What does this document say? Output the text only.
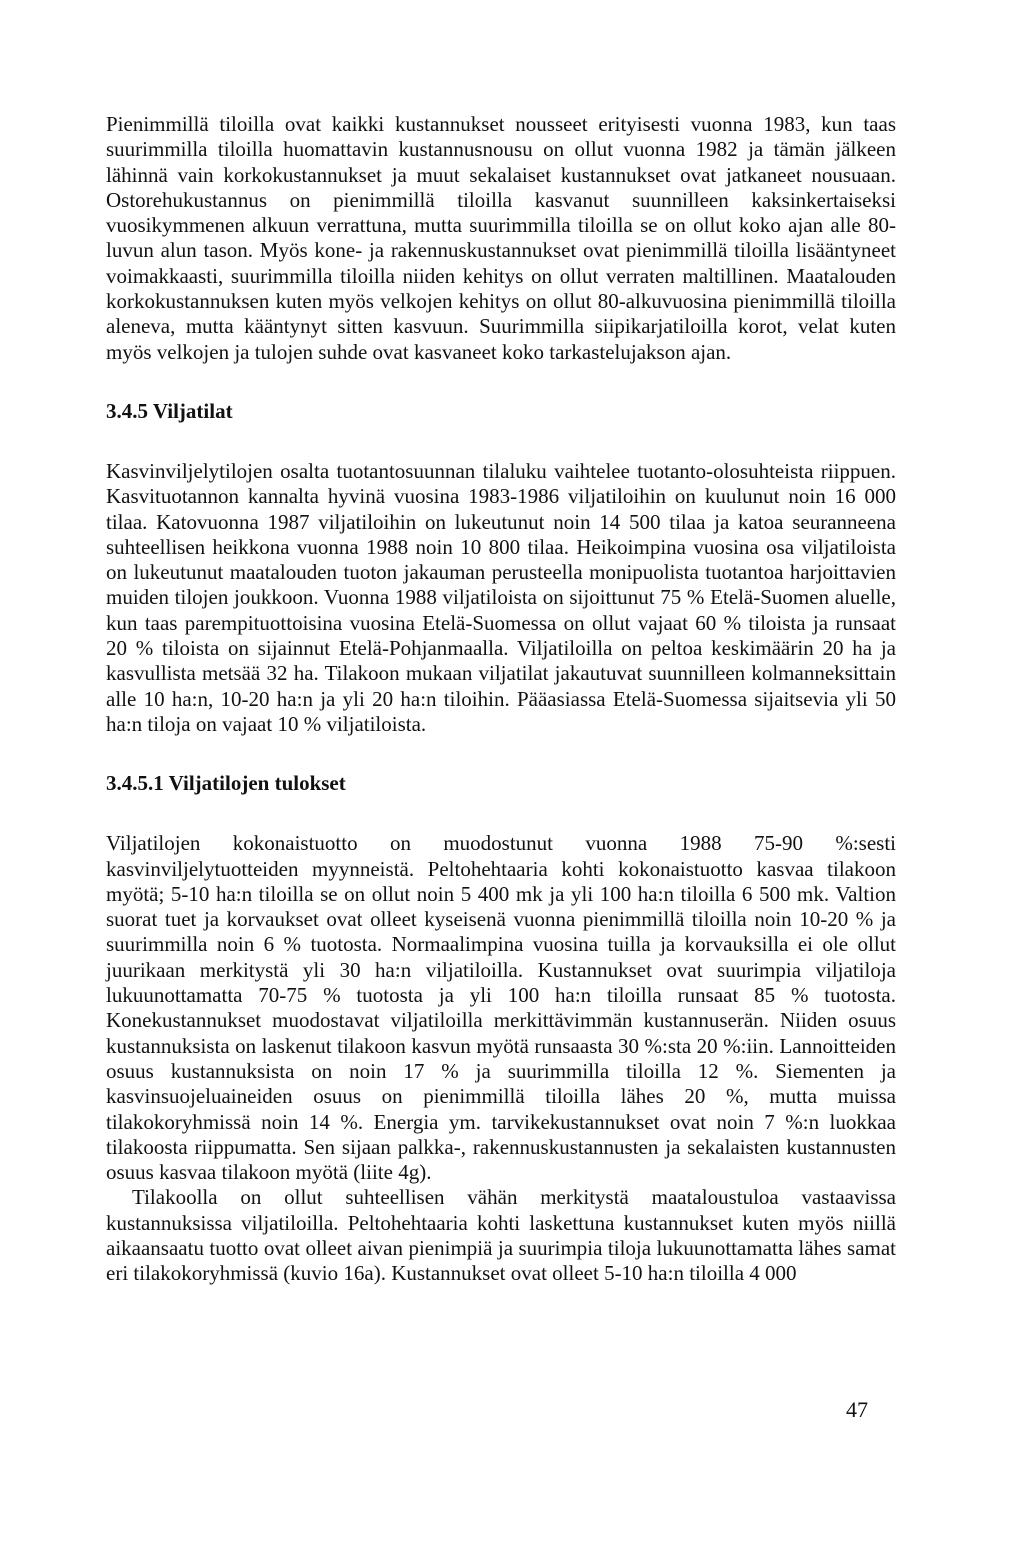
Pienimmillä tiloilla ovat kaikki kustannukset nousseet erityisesti vuonna 1983, kun taas suurimmilla tiloilla huomattavin kustannusnousu on ollut vuonna 1982 ja tämän jälkeen lähinnä vain korkokustannukset ja muut sekalaiset kustannukset ovat jatkaneet nousuaan. Ostorehukustannus on pienimmillä tiloilla kasvanut suunnilleen kaksinkertaiseksi vuosikymmenen alkuun verrattuna, mutta suurimmilla tiloilla se on ollut koko ajan alle 80-luvun alun tason. Myös kone- ja rakennuskustannukset ovat pienimmillä tiloilla lisääntyneet voimakkaasti, suurimmilla tiloilla niiden kehitys on ollut verraten maltillinen. Maatalouden korkokustannuksen kuten myös velkojen kehitys on ollut 80-alkuvuosina pienimmillä tiloilla aleneva, mutta kääntynyt sitten kasvuun. Suurimmilla siipikarjatiloilla korot, velat kuten myös velkojen ja tulojen suhde ovat kasvaneet koko tarkastelujakson ajan.

3.4.5 Viljatilat

Kasvinviljelytilojen osalta tuotantosuunnan tilaluku vaihtelee tuotanto-olosuhteista riippuen. Kasvituotannon kannalta hyvinä vuosina 1983-1986 viljatiloihin on kuulunut noin 16 000 tilaa. Katovuonna 1987 viljatiloihin on lukeutunut noin 14 500 tilaa ja katoa seuranneena suhteellisen heikkona vuonna 1988 noin 10 800 tilaa. Heikoimpina vuosina osa viljatiloista on lukeutunut maatalouden tuoton jakauman perusteella monipuolista tuotantoa harjoittavien muiden tilojen joukkoon. Vuonna 1988 viljatiloista on sijoittunut 75 % Etelä-Suomen aluelle, kun taas parempituottoisina vuosina Etelä-Suomessa on ollut vajaat 60 % tiloista ja runsaat 20 % tiloista on sijainnut Etelä-Pohjanmaalla. Viljatiloilla on peltoa keskimäärin 20 ha ja kasvullista metsää 32 ha. Tilakoon mukaan viljatilat jakautuvat suunnilleen kolmanneksittain alle 10 ha:n, 10-20 ha:n ja yli 20 ha:n tiloihin. Pääasiassa Etelä-Suomessa sijaitsevia yli 50 ha:n tiloja on vajaat 10 % viljatiloista.

3.4.5.1 Viljatilojen tulokset

Viljatilojen kokonaistuotto on muodostunut vuonna 1988 75-90 %:sesti kasvinviljelytuotteiden myynneistä. Peltohehtaaria kohti kokonaistuotto kasvaa tilakoon myötä; 5-10 ha:n tiloilla se on ollut noin 5 400 mk ja yli 100 ha:n tiloilla 6 500 mk. Valtion suorat tuet ja korvaukset ovat olleet kyseisenä vuonna pienimmillä tiloilla noin 10-20 % ja suurimmilla noin 6 % tuotosta. Normaalimpina vuosina tuilla ja korvauksilla ei ole ollut juurikaan merkitystä yli 30 ha:n viljatiloilla. Kustannukset ovat suurimpia viljatiloja lukuunottamatta 70-75 % tuotosta ja yli 100 ha:n tiloilla runsaat 85 % tuotosta. Konekustannukset muodostavat viljatiloilla merkittävimmän kustannuserän. Niiden osuus kustannuksista on laskenut tilakoon kasvun myötä runsaasta 30 %:sta 20 %:iin. Lannoitteiden osuus kustannuksista on noin 17 % ja suurimmilla tiloilla 12 %. Siementen ja kasvinsuojeluaineiden osuus on pienimmillä tiloilla lähes 20 %, mutta muissa tilakokoryhmissä noin 14 %. Energia ym. tarvikekustannukset ovat noin 7 %:n luokkaa tilakoosta riippumatta. Sen sijaan palkka-, rakennuskustannusten ja sekalaisten kustannusten osuus kasvaa tilakoon myötä (liite 4g).

Tilakoolla on ollut suhteellisen vähän merkitystä maataloustuloa vastaavissa kustannuksissa viljatiloilla. Peltohehtaaria kohti laskettuna kustannukset kuten myös niillä aikaansaatu tuotto ovat olleet aivan pienimpiä ja suurimpia tiloja lukuunottamatta lähes samat eri tilakokoryhmissä (kuvio 16a). Kustannukset ovat olleet 5-10 ha:n tiloilla 4 000

47
